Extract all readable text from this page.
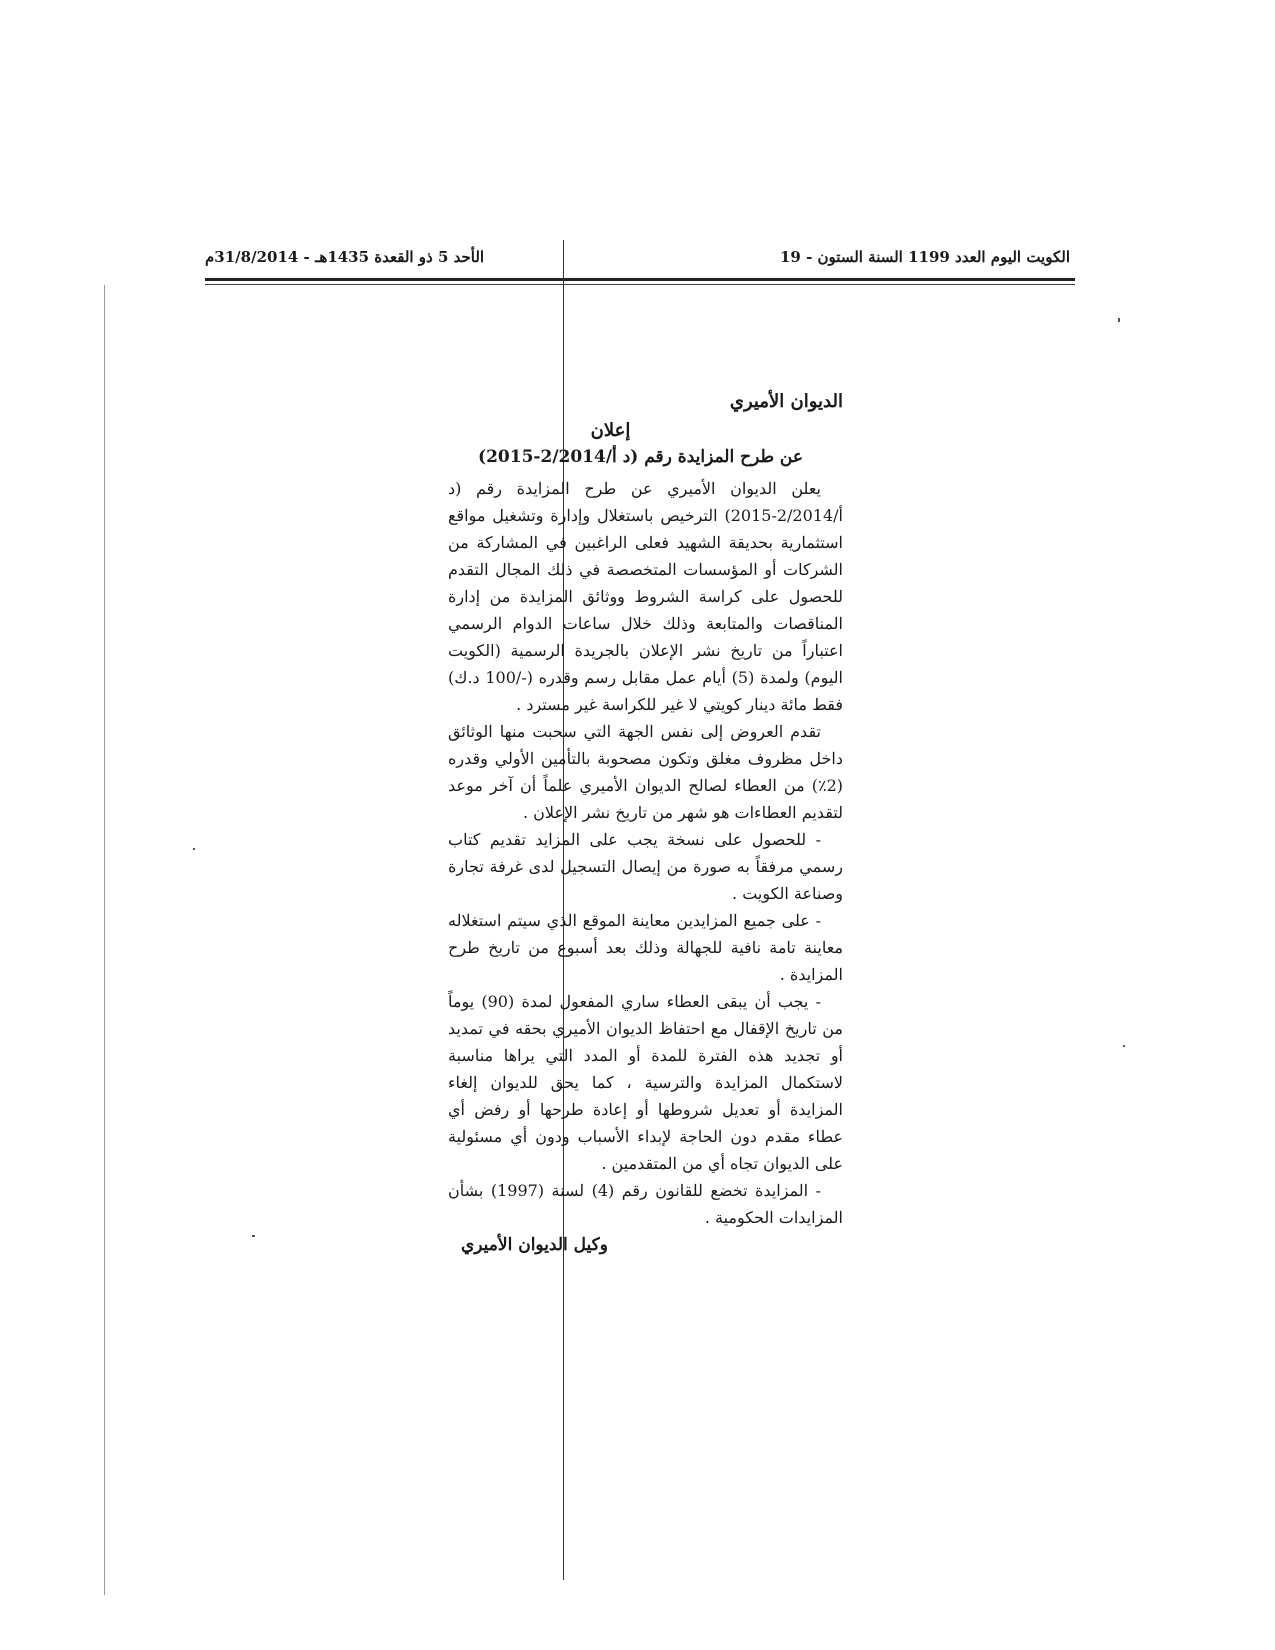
الكويت اليوم العدد 1199 السنة الستون - 19
الأحد 5 ذو القعدة 1435هـ - 31/8/2014م
الديوان الأميري
إعلان
عن طرح المزايدة رقم (د أ/2/2014-2015)

يعلن الديوان الأميري عن طرح المزايدة رقم (د أ/2/2014-2015) الترخيص باستغلال وإدارة وتشغيل مواقع استثمارية بحديقة الشهيد فعلى الراغبين في المشاركة من الشركات أو المؤسسات المتخصصة في ذلك المجال التقدم للحصول على كراسة الشروط ووثائق المزايدة من إدارة المناقصات والمتابعة وذلك خلال ساعات الدوام الرسمي اعتباراً من تاريخ نشر الإعلان بالجريدة الرسمية (الكويت اليوم) ولمدة (5) أيام عمل مقابل رسم وقدره (-/100 د.ك) فقط مائة دينار كويتي لا غير للكراسة غير مسترد .

تقدم العروض إلى نفس الجهة التي سحبت منها الوثائق داخل مظروف مغلق وتكون مصحوبة بالتأمين الأولي وقدره (2٪) من العطاء لصالح الديوان الأميري علماً أن آخر موعد لتقديم العطاءات هو شهر من تاريخ نشر الإعلان .

- للحصول على نسخة يجب على المزايد تقديم كتاب رسمي مرفقاً به صورة من إيصال التسجيل لدى غرفة تجارة وصناعة الكويت .

- على جميع المزايدين معاينة الموقع الذي سيتم استغلاله معاينة تامة نافية للجهالة وذلك بعد أسبوع من تاريخ طرح المزايدة .

- يجب أن يبقى العطاء ساري المفعول لمدة (90) يوماً من تاريخ الإقفال مع احتفاظ الديوان الأميري بحقه في تمديد أو تجديد هذه الفترة للمدة أو المدد التي يراها مناسبة لاستكمال المزايدة والترسية ، كما يحق للديوان إلغاء المزايدة أو تعديل شروطها أو إعادة طرحها أو رفض أي عطاء مقدم دون الحاجة لإبداء الأسباب ودون أي مسئولية على الديوان تجاه أي من المتقدمين .

- المزايدة تخضع للقانون رقم (4) لسنة (1997) بشأن المزايدات الحكومية .

وكيل الديوان الأميري
